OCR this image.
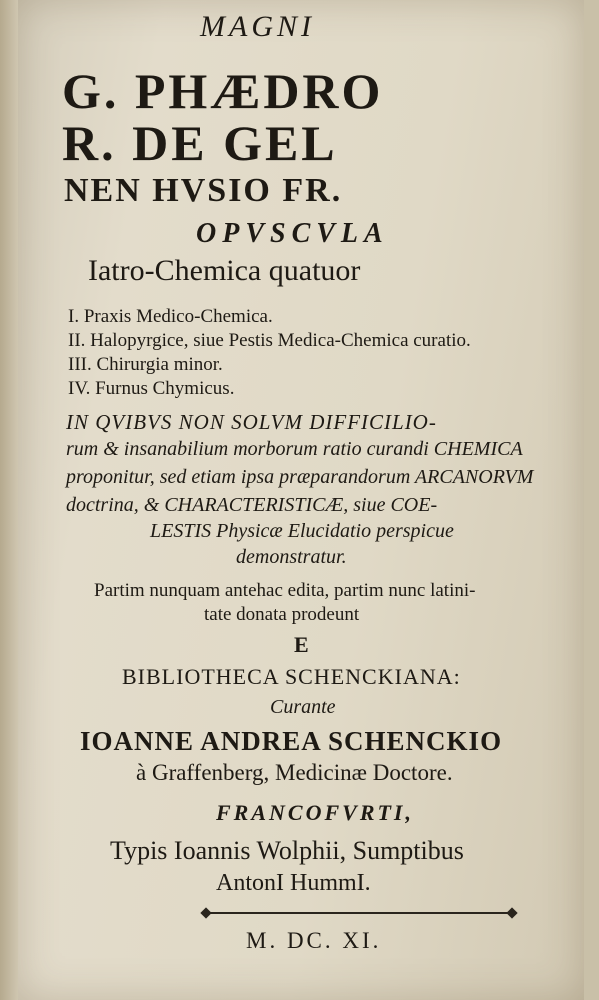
MAGNI
G. PHÆDRO
R. DE GEL
NEN HVSIO FR.
OPVSCVLA
Iatro-Chemica quatuor
I. Praxis Medico-Chemica.
II. Halopyrgice, siue Pestis Medica-Chemica curatio.
III. Chirurgia minor.
IV. Furnus Chymicus.
IN QVIBVS NON SOLVM DIFFICILIO-
rum & insanabilium morborum ratio curandi CHEMICA
proponitur, sed etiam ipsa præparandorum ARCANORVM
doctrina, & CHARACTERISTICÆ, siue COE-
LESTIS Physicæ Elucidatio perspicue
demonstratur.
Partim nunquam antehac edita, partim nunc latini-
tate donata prodeunt
E
BIBLIOTHECA SCHENCKIANA:
Curante
IOANNE ANDREA SCHENCKIO
à Graffenberg, Medicinæ Doctore.
FRANCOFVRTI,
Typis Ioannis Wolphii, Sumptibus
AntonI HummI.
M. DC. XI.
